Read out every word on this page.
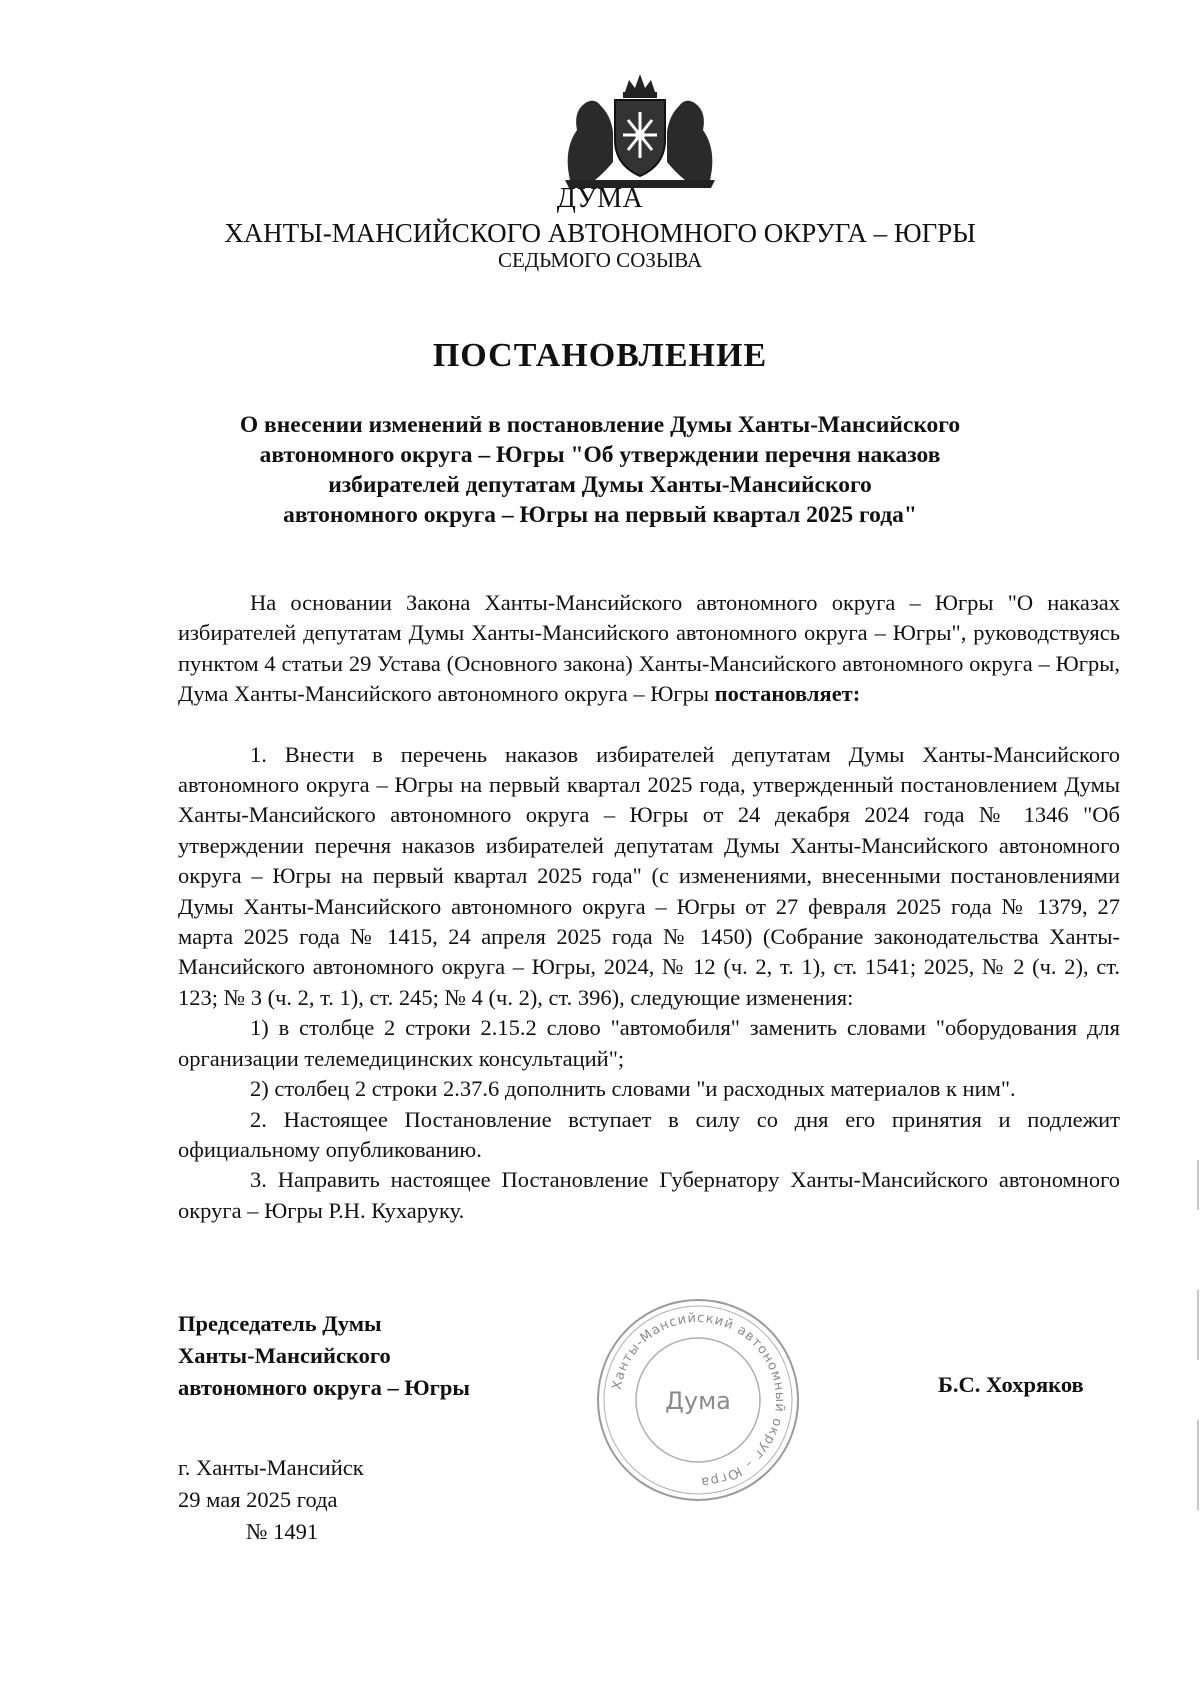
ДУМА
ХАНТЫ-МАНСИЙСКОГО АВТОНОМНОГО ОКРУГА – ЮГРЫ
СЕДЬМОГО СОЗЫВА
ПОСТАНОВЛЕНИЕ
О внесении изменений в постановление Думы Ханты-Мансийского
автономного округа – Югры "Об утверждении перечня наказов
избирателей депутатам Думы Ханты-Мансийского
автономного округа – Югры на первый квартал 2025 года"

На основании Закона Ханты-Мансийского автономного округа – Югры "О наказах избирателей депутатам Думы Ханты-Мансийского автономного округа – Югры", руководствуясь пунктом 4 статьи 29 Устава (Основного закона) Ханты-Мансийского автономного округа – Югры, Дума Ханты-Мансийского автономного округа – Югры постановляет:

1. Внести в перечень наказов избирателей депутатам Думы Ханты-Мансийского автономного округа – Югры на первый квартал 2025 года, утвержденный постановлением Думы Ханты-Мансийского автономного округа – Югры от 24 декабря 2024 года № 1346 "Об утверждении перечня наказов избирателей депутатам Думы Ханты-Мансийского автономного округа – Югры на первый квартал 2025 года" (с изменениями, внесенными постановлениями Думы Ханты-Мансийского автономного округа – Югры от 27 февраля 2025 года № 1379, 27 марта 2025 года № 1415, 24 апреля 2025 года № 1450) (Собрание законодательства Ханты-Мансийского автономного округа – Югры, 2024, № 12 (ч. 2, т. 1), ст. 1541; 2025, № 2 (ч. 2), ст. 123; № 3 (ч. 2, т. 1), ст. 245; № 4 (ч. 2), ст. 396), следующие изменения:

1) в столбце 2 строки 2.15.2 слово "автомобиля" заменить словами "оборудования для организации телемедицинских консультаций";

2) столбец 2 строки 2.37.6 дополнить словами "и расходных материалов к ним".

2. Настоящее Постановление вступает в силу со дня его принятия и подлежит официальному опубликованию.

3. Направить настоящее Постановление Губернатору Ханты-Мансийского автономного округа – Югры Р.Н. Кухаруку.

Председатель Думы
Ханты-Мансийского
автономного округа – Югры	Ханты-Мансийский автономный округ – Югра
Дума
Б.С. Хохряков
г. Ханты-Мансийск
29 мая 2025 года
№ 1491
